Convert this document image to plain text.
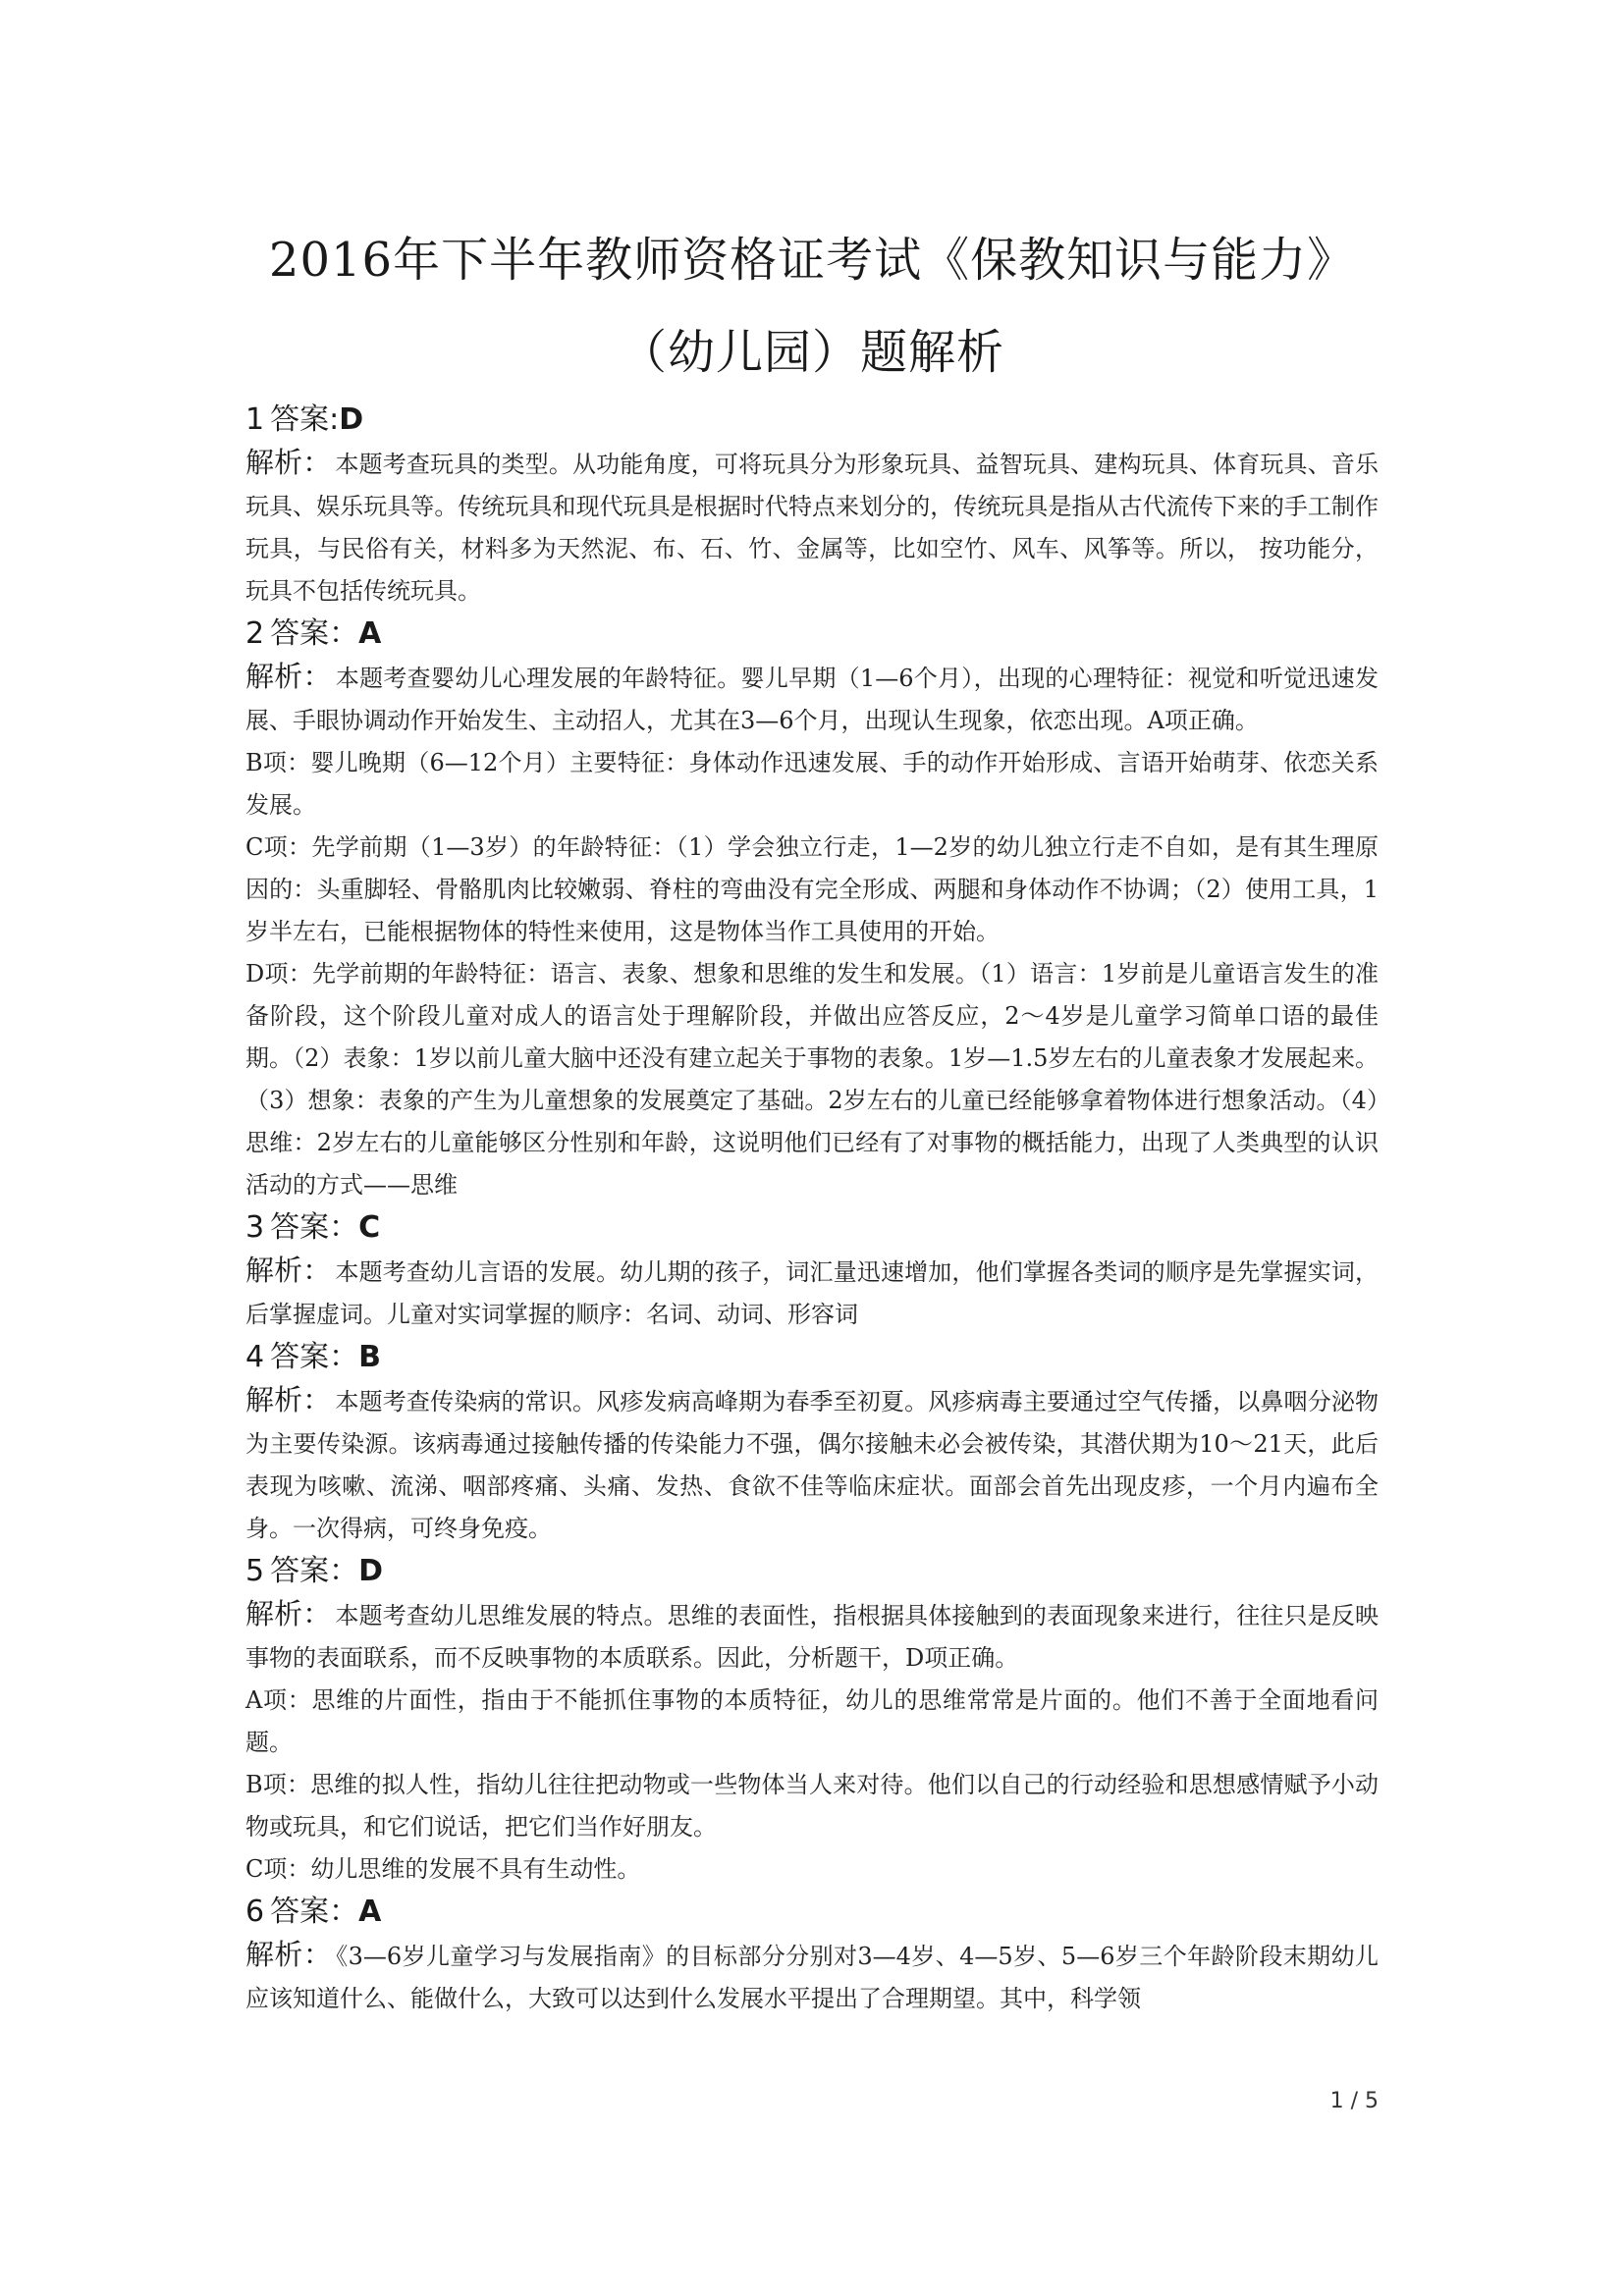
2016年下半年教师资格证考试《保教知识与能力》（幼儿园）题解析
1 答案:D

解析： 本题考查玩具的类型。从功能角度，可将玩具分为形象玩具、益智玩具、建构玩具、体育玩具、音乐玩具、娱乐玩具等。传统玩具和现代玩具是根据时代特点来划分的，传统玩具是指从古代流传下来的手工制作玩具，与民俗有关，材料多为天然泥、布、石、竹、金属等，比如空竹、风车、风筝等。所以， 按功能分，玩具不包括传统玩具。

2 答案：A

解析： 本题考查婴幼儿心理发展的年龄特征。婴儿早期（1—6个月），出现的心理特征：视觉和听觉迅速发展、手眼协调动作开始发生、主动招人，尤其在3—6个月，出现认生现象，依恋出现。A项正确。

B项：婴儿晚期（6—12个月）主要特征：身体动作迅速发展、手的动作开始形成、言语开始萌芽、依恋关系发展。

C项：先学前期（1—3岁）的年龄特征：（1）学会独立行走，1—2岁的幼儿独立行走不自如，是有其生理原因的：头重脚轻、骨骼肌肉比较嫩弱、脊柱的弯曲没有完全形成、两腿和身体动作不协调；（2）使用工具，1岁半左右，已能根据物体的特性来使用，这是物体当作工具使用的开始。

D项：先学前期的年龄特征：语言、表象、想象和思维的发生和发展。（1）语言：1岁前是儿童语言发生的准备阶段，这个阶段儿童对成人的语言处于理解阶段，并做出应答反应，2～4岁是儿童学习简单口语的最佳期。（2）表象：1岁以前儿童大脑中还没有建立起关于事物的表象。1岁—1.5岁左右的儿童表象才发展起来。（3）想象：表象的产生为儿童想象的发展奠定了基础。2岁左右的儿童已经能够拿着物体进行想象活动。（4）思维：2岁左右的儿童能够区分性别和年龄，这说明他们已经有了对事物的概括能力，出现了人类典型的认识活动的方式——思维

3 答案：C

解析： 本题考查幼儿言语的发展。幼儿期的孩子，词汇量迅速增加，他们掌握各类词的顺序是先掌握实词，后掌握虚词。儿童对实词掌握的顺序：名词、动词、形容词

4 答案：B

解析： 本题考查传染病的常识。风疹发病高峰期为春季至初夏。风疹病毒主要通过空气传播，以鼻咽分泌物为主要传染源。该病毒通过接触传播的传染能力不强，偶尔接触未必会被传染，其潜伏期为10～21天，此后表现为咳嗽、流涕、咽部疼痛、头痛、发热、食欲不佳等临床症状。面部会首先出现皮疹，一个月内遍布全身。一次得病，可终身免疫。

5 答案：D

解析： 本题考查幼儿思维发展的特点。思维的表面性，指根据具体接触到的表面现象来进行，往往只是反映事物的表面联系，而不反映事物的本质联系。因此，分析题干，D项正确。

A项：思维的片面性，指由于不能抓住事物的本质特征，幼儿的思维常常是片面的。他们不善于全面地看问题。

B项：思维的拟人性，指幼儿往往把动物或一些物体当人来对待。他们以自己的行动经验和思想感情赋予小动物或玩具，和它们说话，把它们当作好朋友。

C项：幼儿思维的发展不具有生动性。

6 答案：A

解析： 《3—6岁儿童学习与发展指南》的目标部分分别对3—4岁、4—5岁、5—6岁三个年龄阶段末期幼儿应该知道什么、能做什么，大致可以达到什么发展水平提出了合理期望。其中，科学领

1 / 5
